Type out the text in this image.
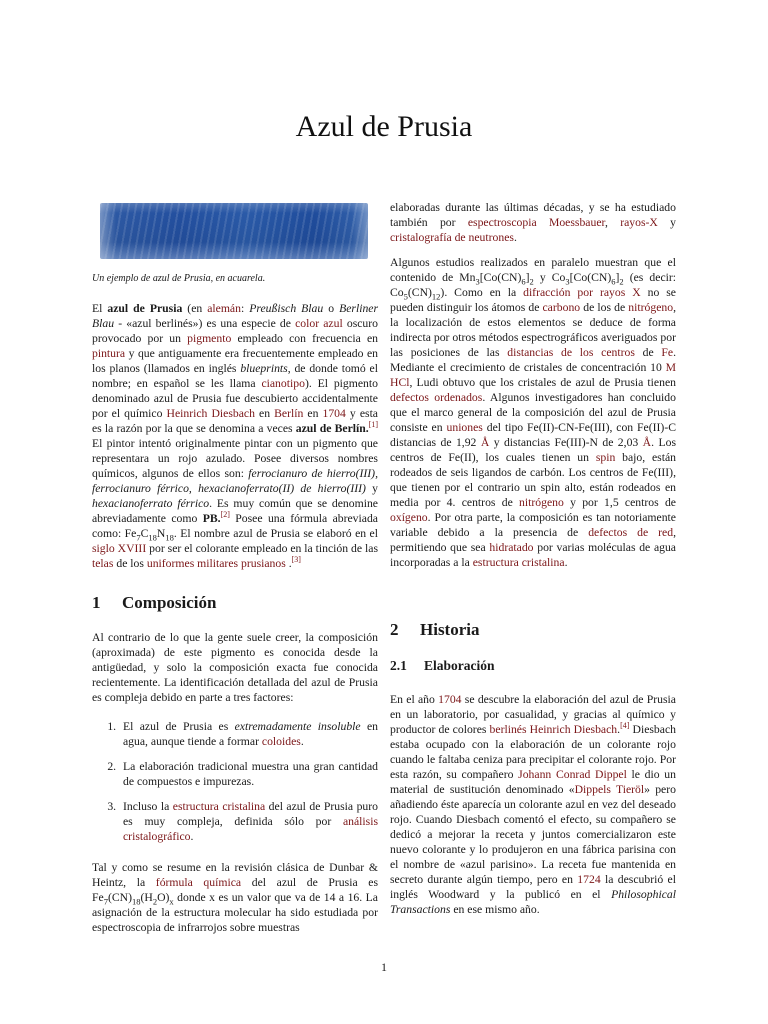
Azul de Prusia

Un ejemplo de azul de Prusia, en acuarela.

El azul de Prusia (en alemán: Preußisch Blau o Berliner Blau - «azul berlinés») es una especie de color azul oscuro provocado por un pigmento empleado con frecuencia en pintura y que antiguamente era frecuentemente empleado en los planos (llamados en inglés blueprints, de donde tomó el nombre; en español se les llama cianotipo). El pigmento denominado azul de Prusia fue descubierto accidentalmente por el químico Heinrich Diesbach en Berlín en 1704 y esta es la razón por la que se denomina a veces azul de Berlín.[1] El pintor intentó originalmente pintar con un pigmento que representara un rojo azulado. Posee diversos nombres químicos, algunos de ellos son: ferrocianuro de hierro(III), ferrocianuro férrico, hexacianoferrato(II) de hierro(III) y hexacianoferrato férrico. Es muy común que se denomine abreviadamente como PB.[2] Posee una fórmula abreviada como: $Fe_7C_{18}N_{18}$. El nombre azul de Prusia se elaboró en el siglo XVIII por ser el colorante empleado en la tinción de las telas de los uniformes militares prusianos .[3]

1 Composición

Al contrario de lo que la gente suele creer, la composición (aproximada) de este pigmento es conocida desde la antigüedad, y solo la composición exacta fue conocida recientemente. La identificación detallada del azul de Prusia es compleja debido en parte a tres factores:

1. El azul de Prusia es extremadamente insoluble en agua, aunque tiende a formar coloides.
2. La elaboración tradicional muestra una gran cantidad de compuestos e impurezas.
3. Incluso la estructura cristalina del azul de Prusia puro es muy compleja, definida sólo por análisis cristalográfico.

Tal y como se resume en la revisión clásica de Dunbar & Heintz, la fórmula química del azul de Prusia es $Fe_7(CN)_{18}(H_2O)_x$ donde x es un valor que va de 14 a 16. La asignación de la estructura molecular ha sido estudiada por espectroscopia de infrarrojos sobre muestras

elaboradas durante las últimas décadas, y se ha estudiado también por espectroscopia Moessbauer, rayos-X y cristalografía de neutrones.

Algunos estudios realizados en paralelo muestran que el contenido de $Mn_3[Co(CN)_6]_2$ y $Co_3[Co(CN)_6]_2$ (es decir: $Co_5(CN)_{12}$). Como en la difracción por rayos X no se pueden distinguir los átomos de carbono de los de nitrógeno, la localización de estos elementos se deduce de forma indirecta por otros métodos espectrográficos averiguados por las posiciones de las distancias de los centros de Fe. Mediante el crecimiento de cristales de concentración 10 M HCl, Ludi obtuvo que los cristales de azul de Prusia tienen defectos ordenados. Algunos investigadores han concluido que el marco general de la composición del azul de Prusia consiste en uniones del tipo Fe(II)-CN-Fe(III), con Fe(II)-C distancias de 1,92 Å y distancias Fe(III)-N de 2,03 Å. Los centros de Fe(II), los cuales tienen un spin bajo, están rodeados de seis ligandos de carbón. Los centros de Fe(III), que tienen por el contrario un spin alto, están rodeados en media por 4. centros de nitrógeno y por 1,5 centros de oxígeno. Por otra parte, la composición es tan notoriamente variable debido a la presencia de defectos de red, permitiendo que sea hidratado por varias moléculas de agua incorporadas a la estructura cristalina.

2 Historia
2.1 Elaboración

En el año 1704 se descubre la elaboración del azul de Prusia en un laboratorio, por casualidad, y gracias al químico y productor de colores berlinés Heinrich Diesbach.[4] Diesbach estaba ocupado con la elaboración de un colorante rojo cuando le faltaba ceniza para precipitar el colorante rojo. Por esta razón, su compañero Johann Conrad Dippel le dio un material de sustitución denominado «Dippels Tieröl» pero añadiendo éste aparecía un colorante azul en vez del deseado rojo. Cuando Diesbach comentó el efecto, su compañero se dedicó a mejorar la receta y juntos comercializaron este nuevo colorante y lo produjeron en una fábrica parisina con el nombre de «azul parisino». La receta fue mantenida en secreto durante algún tiempo, pero en 1724 la descubrió el inglés Woodward y la publicó en el Philosophical Transactions en ese mismo año.

1
